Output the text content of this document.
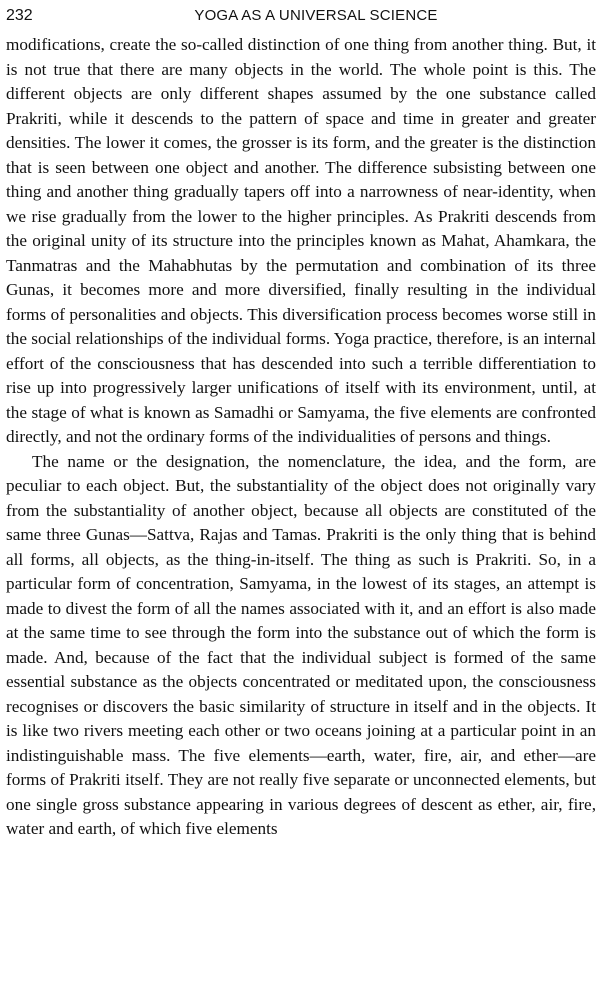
232	YOGA AS A UNIVERSAL SCIENCE

modifications, create the so-called distinction of one thing from another thing. But, it is not true that there are many objects in the world. The whole point is this. The different objects are only different shapes assumed by the one substance called Prakriti, while it descends to the pattern of space and time in greater and greater densities. The lower it comes, the grosser is its form, and the greater is the distinction that is seen between one object and another. The difference subsisting between one thing and another thing gradually tapers off into a narrowness of near-identity, when we rise gradually from the lower to the higher principles. As Prakriti descends from the original unity of its structure into the principles known as Mahat, Ahamkara, the Tanmatras and the Mahabhutas by the permutation and combination of its three Gunas, it becomes more and more diversified, finally resulting in the individual forms of personalities and objects. This diversification process becomes worse still in the social relationships of the individual forms. Yoga practice, therefore, is an internal effort of the consciousness that has descended into such a terrible differentiation to rise up into progressively larger unifications of itself with its environment, until, at the stage of what is known as Samadhi or Samyama, the five elements are confronted directly, and not the ordinary forms of the individualities of persons and things.

The name or the designation, the nomenclature, the idea, and the form, are peculiar to each object. But, the substantiality of the object does not originally vary from the substantiality of another object, because all objects are constituted of the same three Gunas—Sattva, Rajas and Tamas. Prakriti is the only thing that is behind all forms, all objects, as the thing-in-itself. The thing as such is Prakriti. So, in a particular form of concentration, Samyama, in the lowest of its stages, an attempt is made to divest the form of all the names associated with it, and an effort is also made at the same time to see through the form into the substance out of which the form is made. And, because of the fact that the individual subject is formed of the same essential substance as the objects concentrated or meditated upon, the consciousness recognises or discovers the basic similarity of structure in itself and in the objects. It is like two rivers meeting each other or two oceans joining at a particular point in an indistinguishable mass. The five elements—earth, water, fire, air, and ether—are forms of Prakriti itself. They are not really five separate or unconnected elements, but one single gross substance appearing in various degrees of descent as ether, air, fire, water and earth, of which five elements
